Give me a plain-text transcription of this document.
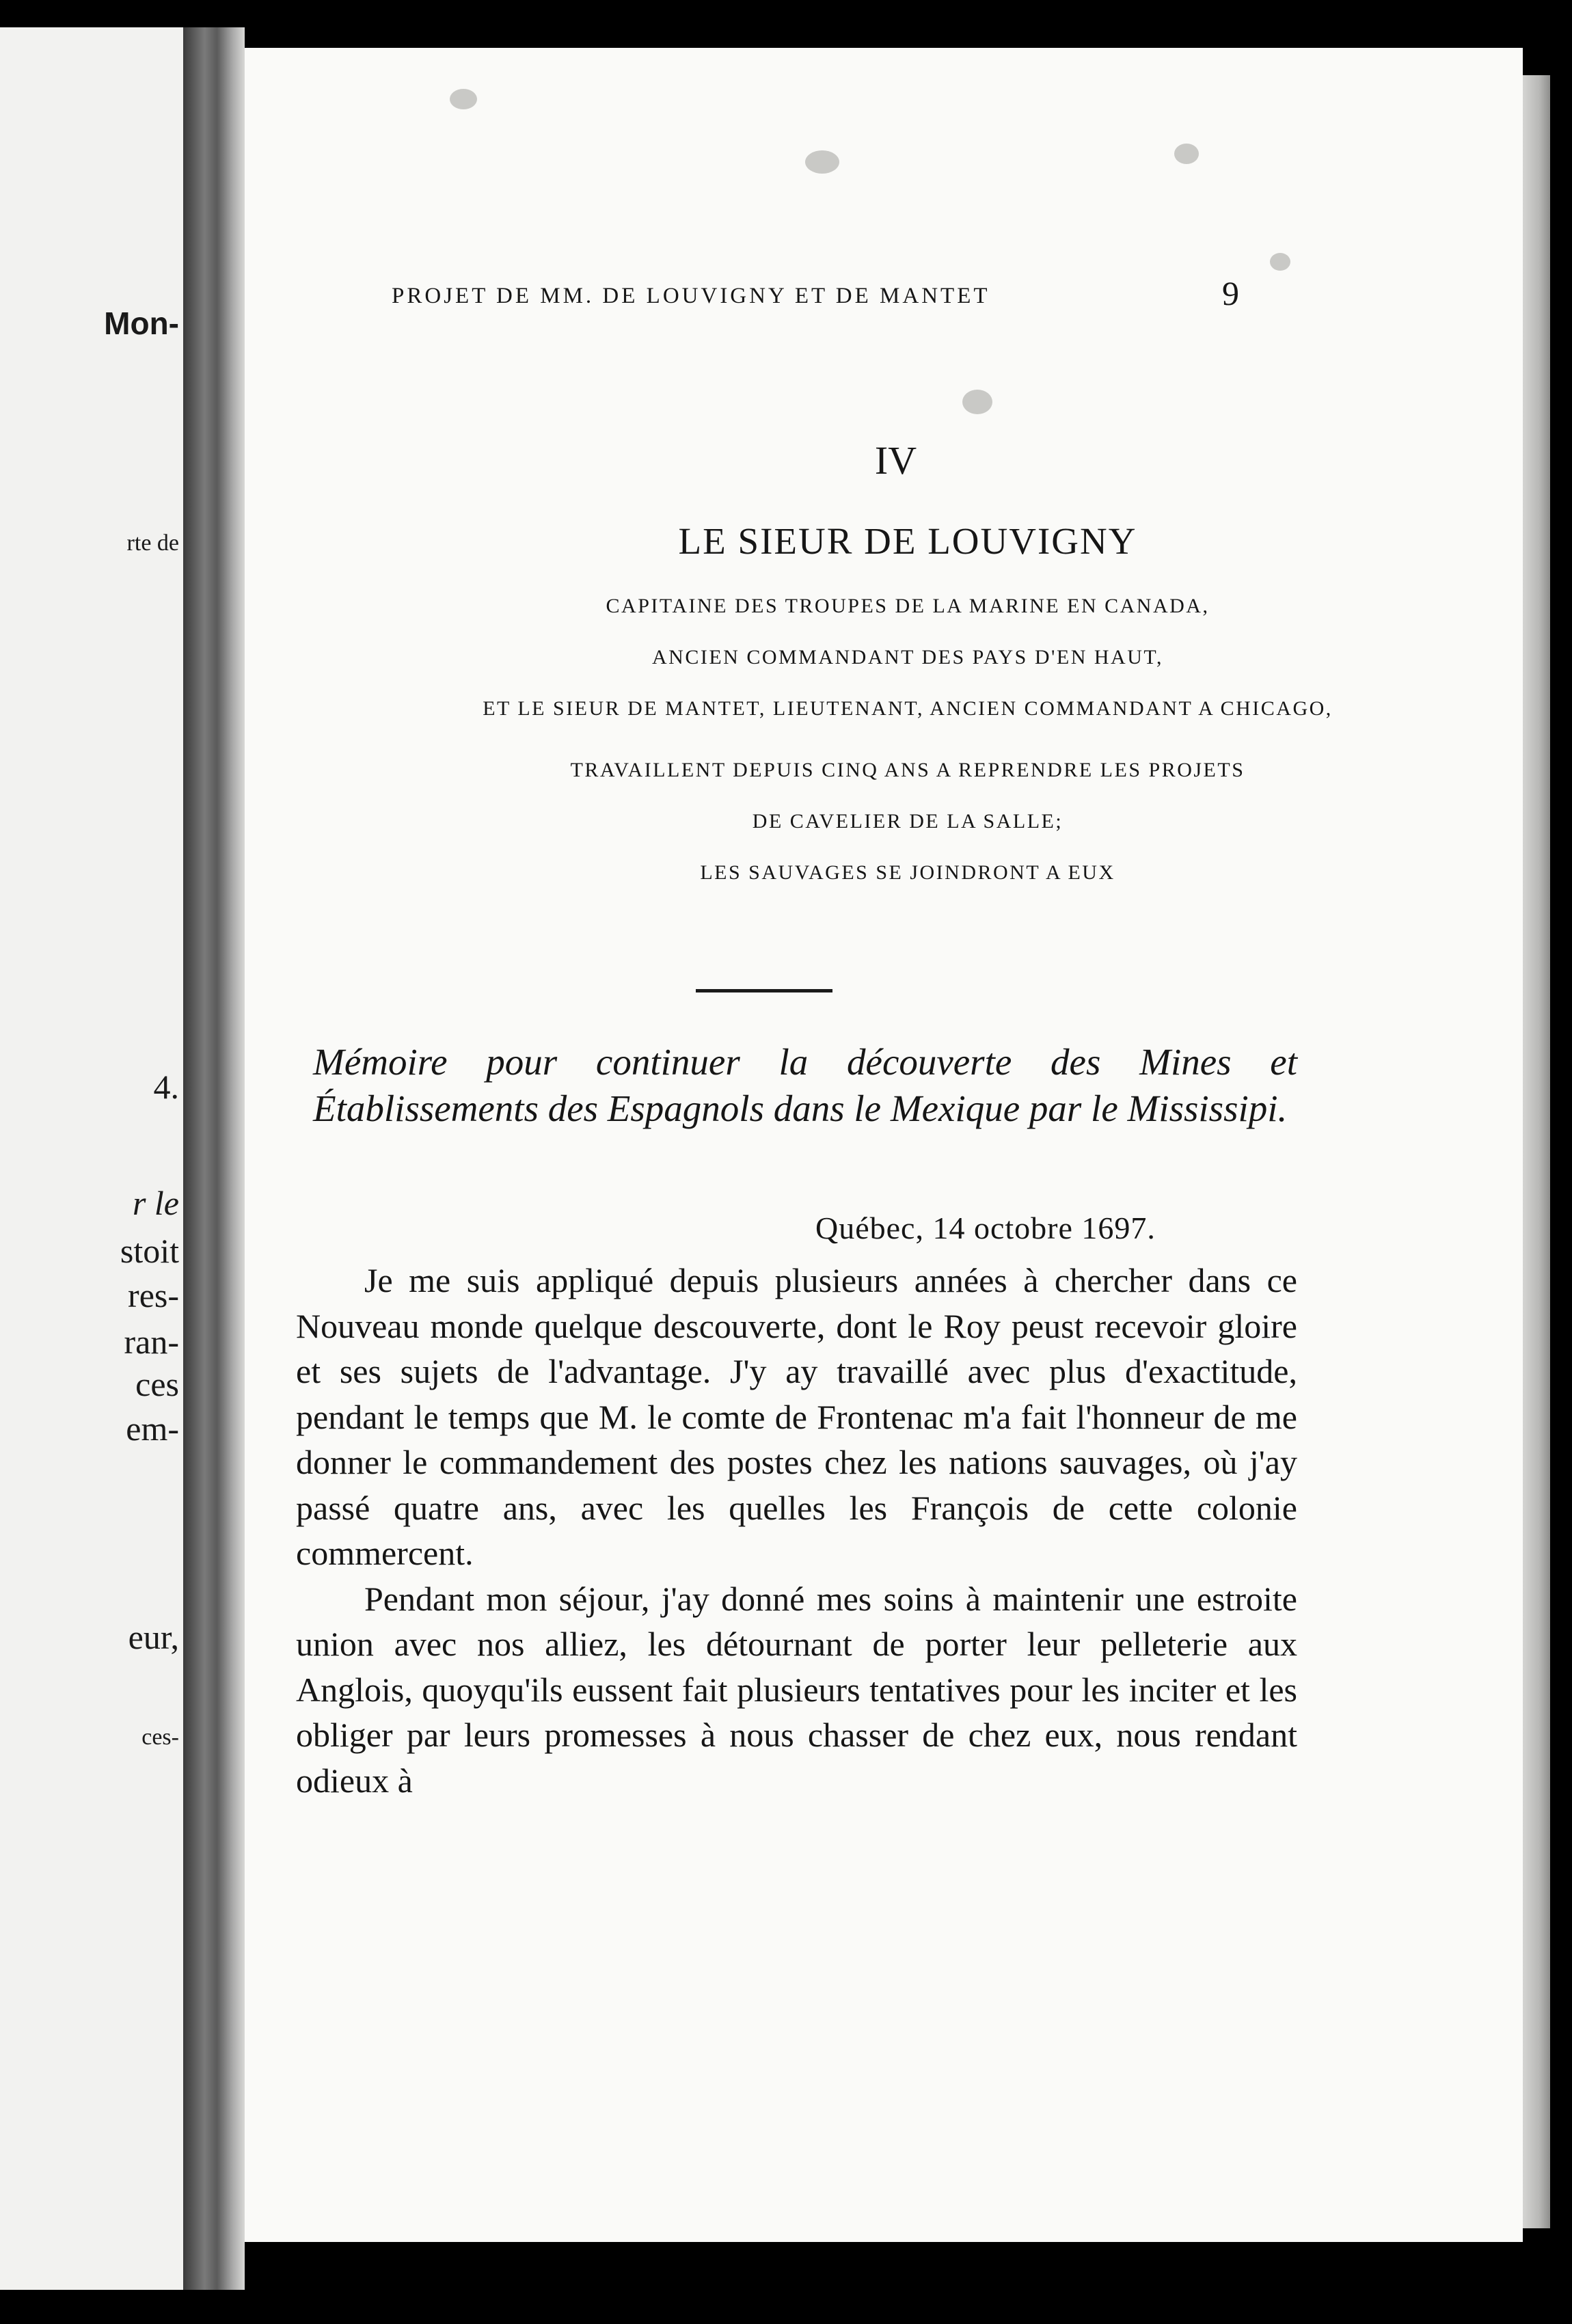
Mon-
rte de
4.
r le
stoit
res-
ran-
ces
em-
eur,
ces-
PROJET DE MM. DE LOUVIGNY ET DE MANTET	9
IV
LE SIEUR DE LOUVIGNY
CAPITAINE DES TROUPES DE LA MARINE EN CANADA,
ANCIEN COMMANDANT DES PAYS D'EN HAUT,
ET LE SIEUR DE MANTET, LIEUTENANT, ANCIEN COMMANDANT A CHICAGO,
TRAVAILLENT DEPUIS CINQ ANS A REPRENDRE LES PROJETS
DE CAVELIER DE LA SALLE;
LES SAUVAGES SE JOINDRONT A EUX
Mémoire pour continuer la découverte des Mines et Établissements des Espagnols dans le Mexique par le Mississipi.
Québec, 14 octobre 1697.

Je me suis appliqué depuis plusieurs années à chercher dans ce Nouveau monde quelque descouverte, dont le Roy peust recevoir gloire et ses sujets de l'advantage. J'y ay travaillé avec plus d'exactitude, pendant le temps que M. le comte de Frontenac m'a fait l'honneur de me donner le commandement des postes chez les nations sauvages, où j'ay passé quatre ans, avec les quelles les François de cette colonie commercent.

Pendant mon séjour, j'ay donné mes soins à maintenir une estroite union avec nos alliez, les détournant de porter leur pelleterie aux Anglois, quoyqu'ils eussent fait plusieurs tentatives pour les inciter et les obliger par leurs promesses à nous chasser de chez eux, nous rendant odieux à
